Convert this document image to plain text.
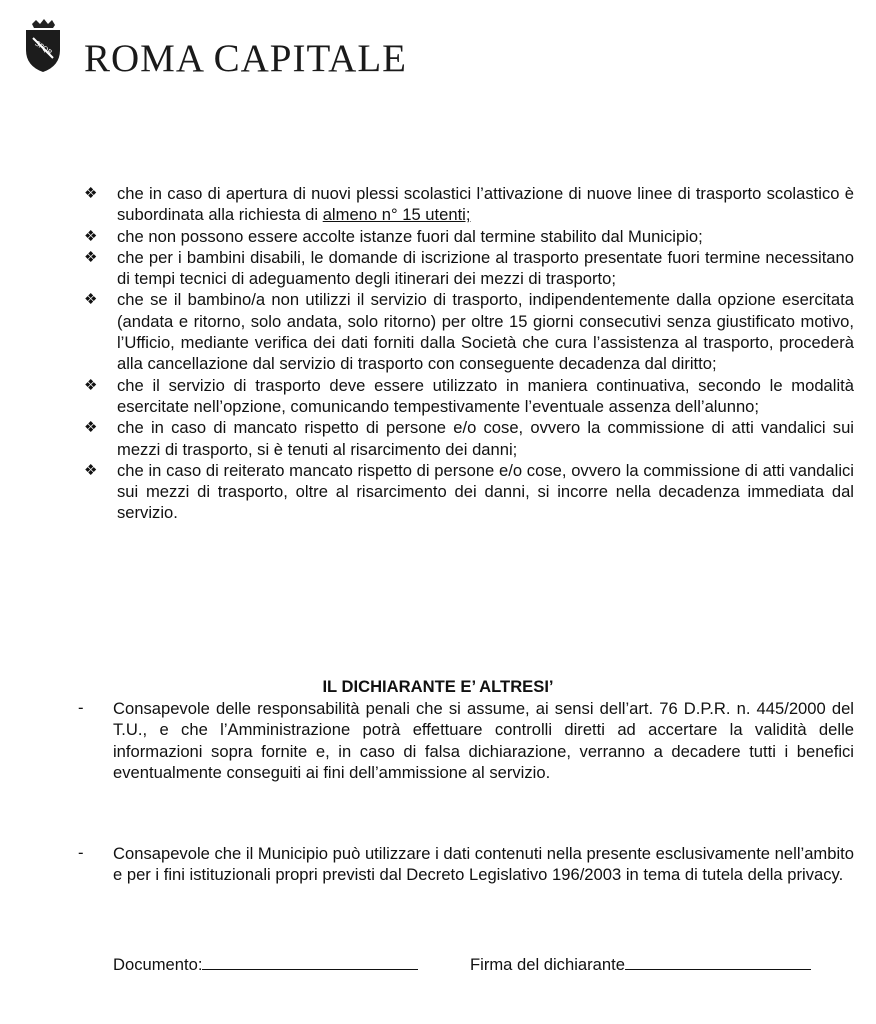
SPQR ROMA CAPITALE
❖ che in caso di apertura di nuovi plessi scolastici l’attivazione di nuove linee di trasporto scolastico è subordinata alla richiesta di almeno n° 15 utenti;
❖ che non possono essere accolte istanze fuori dal termine stabilito dal Municipio;
❖ che per i bambini disabili, le domande di iscrizione al trasporto presentate fuori termine necessitano di tempi tecnici di adeguamento degli itinerari dei mezzi di trasporto;
❖ che se il bambino/a non utilizzi il servizio di trasporto, indipendentemente dalla opzione esercitata (andata e ritorno, solo andata, solo ritorno) per oltre 15 giorni consecutivi senza giustificato motivo, l’Ufficio, mediante verifica dei dati forniti dalla Società che cura l’assistenza al trasporto, procederà alla cancellazione dal servizio di trasporto con conseguente decadenza dal diritto;
❖ che il servizio di trasporto deve essere utilizzato in maniera continuativa, secondo le modalità esercitate nell’opzione, comunicando tempestivamente l’eventuale assenza dell’alunno;
❖ che in caso di mancato rispetto di persone e/o cose, ovvero la commissione di atti vandalici sui mezzi di trasporto, si è tenuti al risarcimento dei danni;
❖ che in caso di reiterato mancato rispetto di persone e/o cose, ovvero la commissione di atti vandalici sui mezzi di trasporto, oltre al risarcimento dei danni, si incorre nella decadenza immediata dal servizio.
IL DICHIARANTE E’ ALTRESI’
- Consapevole delle responsabilità penali che si assume, ai sensi dell’art. 76 D.P.R. n. 445/2000 del T.U., e che l’Amministrazione potrà effettuare controlli diretti ad accertare la validità delle informazioni sopra fornite e, in caso di falsa dichiarazione, verranno a decadere tutti i benefici eventualmente conseguiti ai fini dell’ammissione al servizio.
- Consapevole che il Municipio può utilizzare i dati contenuti nella presente esclusivamente nell’ambito e per i fini istituzionali propri previsti dal Decreto Legislativo 196/2003 in tema di tutela della privacy.
Documento:	Firma del dichiarante
